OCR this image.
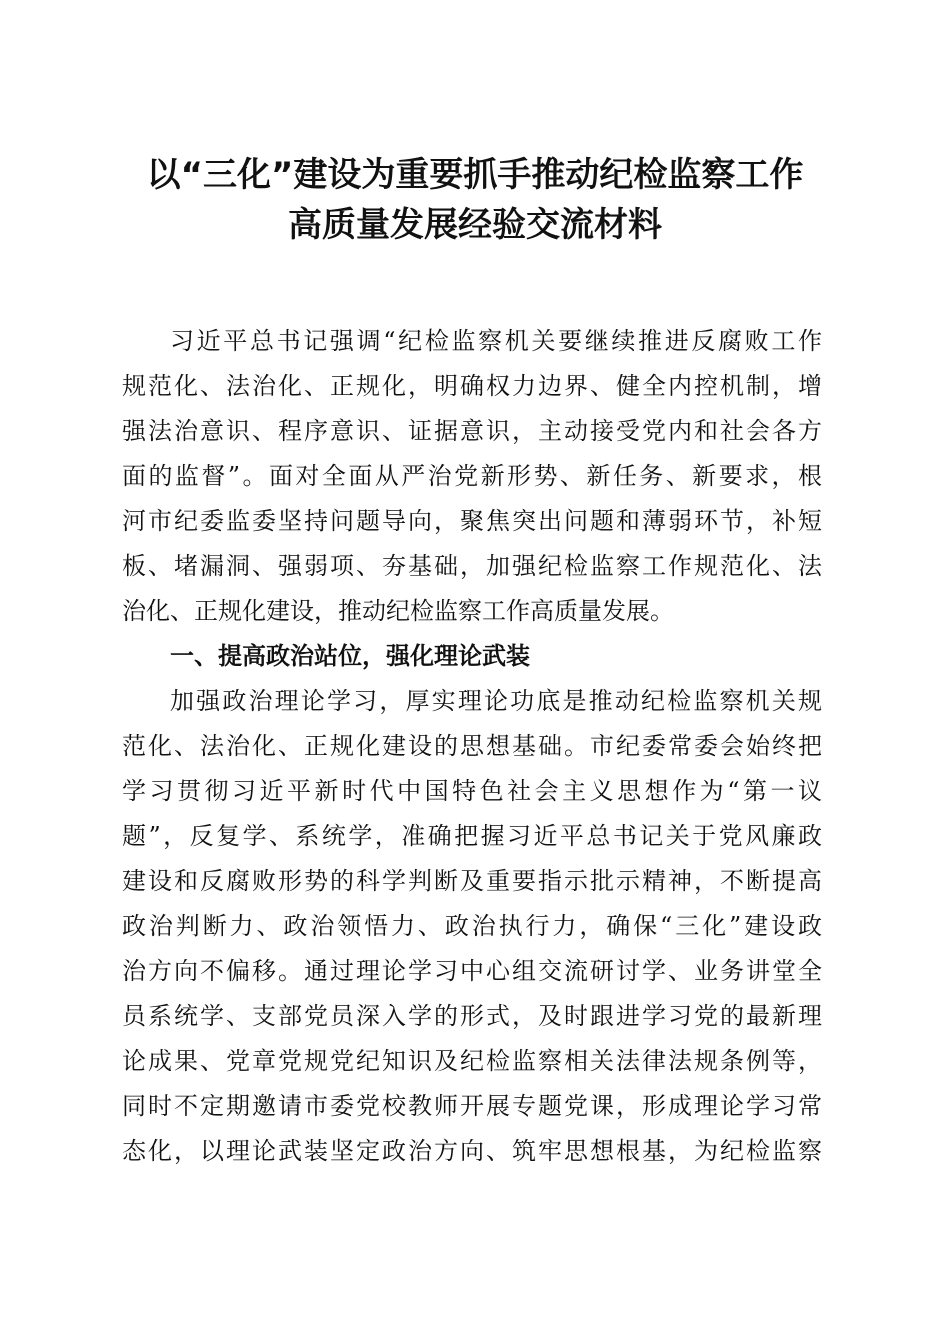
以“三化”建设为重要抓手推动纪检监察工作
高质量发展经验交流材料
习近平总书记强调“纪检监察机关要继续推进反腐败工作
规范化、法治化、正规化，明确权力边界、健全内控机制，增
强法治意识、程序意识、证据意识，主动接受党内和社会各方
面的监督”。面对全面从严治党新形势、新任务、新要求，根
河市纪委监委坚持问题导向，聚焦突出问题和薄弱环节，补短
板、堵漏洞、强弱项、夯基础，加强纪检监察工作规范化、法
治化、正规化建设，推动纪检监察工作高质量发展。
一、提高政治站位，强化理论武装
加强政治理论学习，厚实理论功底是推动纪检监察机关规
范化、法治化、正规化建设的思想基础。市纪委常委会始终把
学习贯彻习近平新时代中国特色社会主义思想作为“第一议
题”，反复学、系统学，准确把握习近平总书记关于党风廉政
建设和反腐败形势的科学判断及重要指示批示精神，不断提高
政治判断力、政治领悟力、政治执行力，确保“三化”建设政
治方向不偏移。通过理论学习中心组交流研讨学、业务讲堂全
员系统学、支部党员深入学的形式，及时跟进学习党的最新理
论成果、党章党规党纪知识及纪检监察相关法律法规条例等，
同时不定期邀请市委党校教师开展专题党课，形成理论学习常
态化，以理论武装坚定政治方向、筑牢思想根基，为纪检监察
